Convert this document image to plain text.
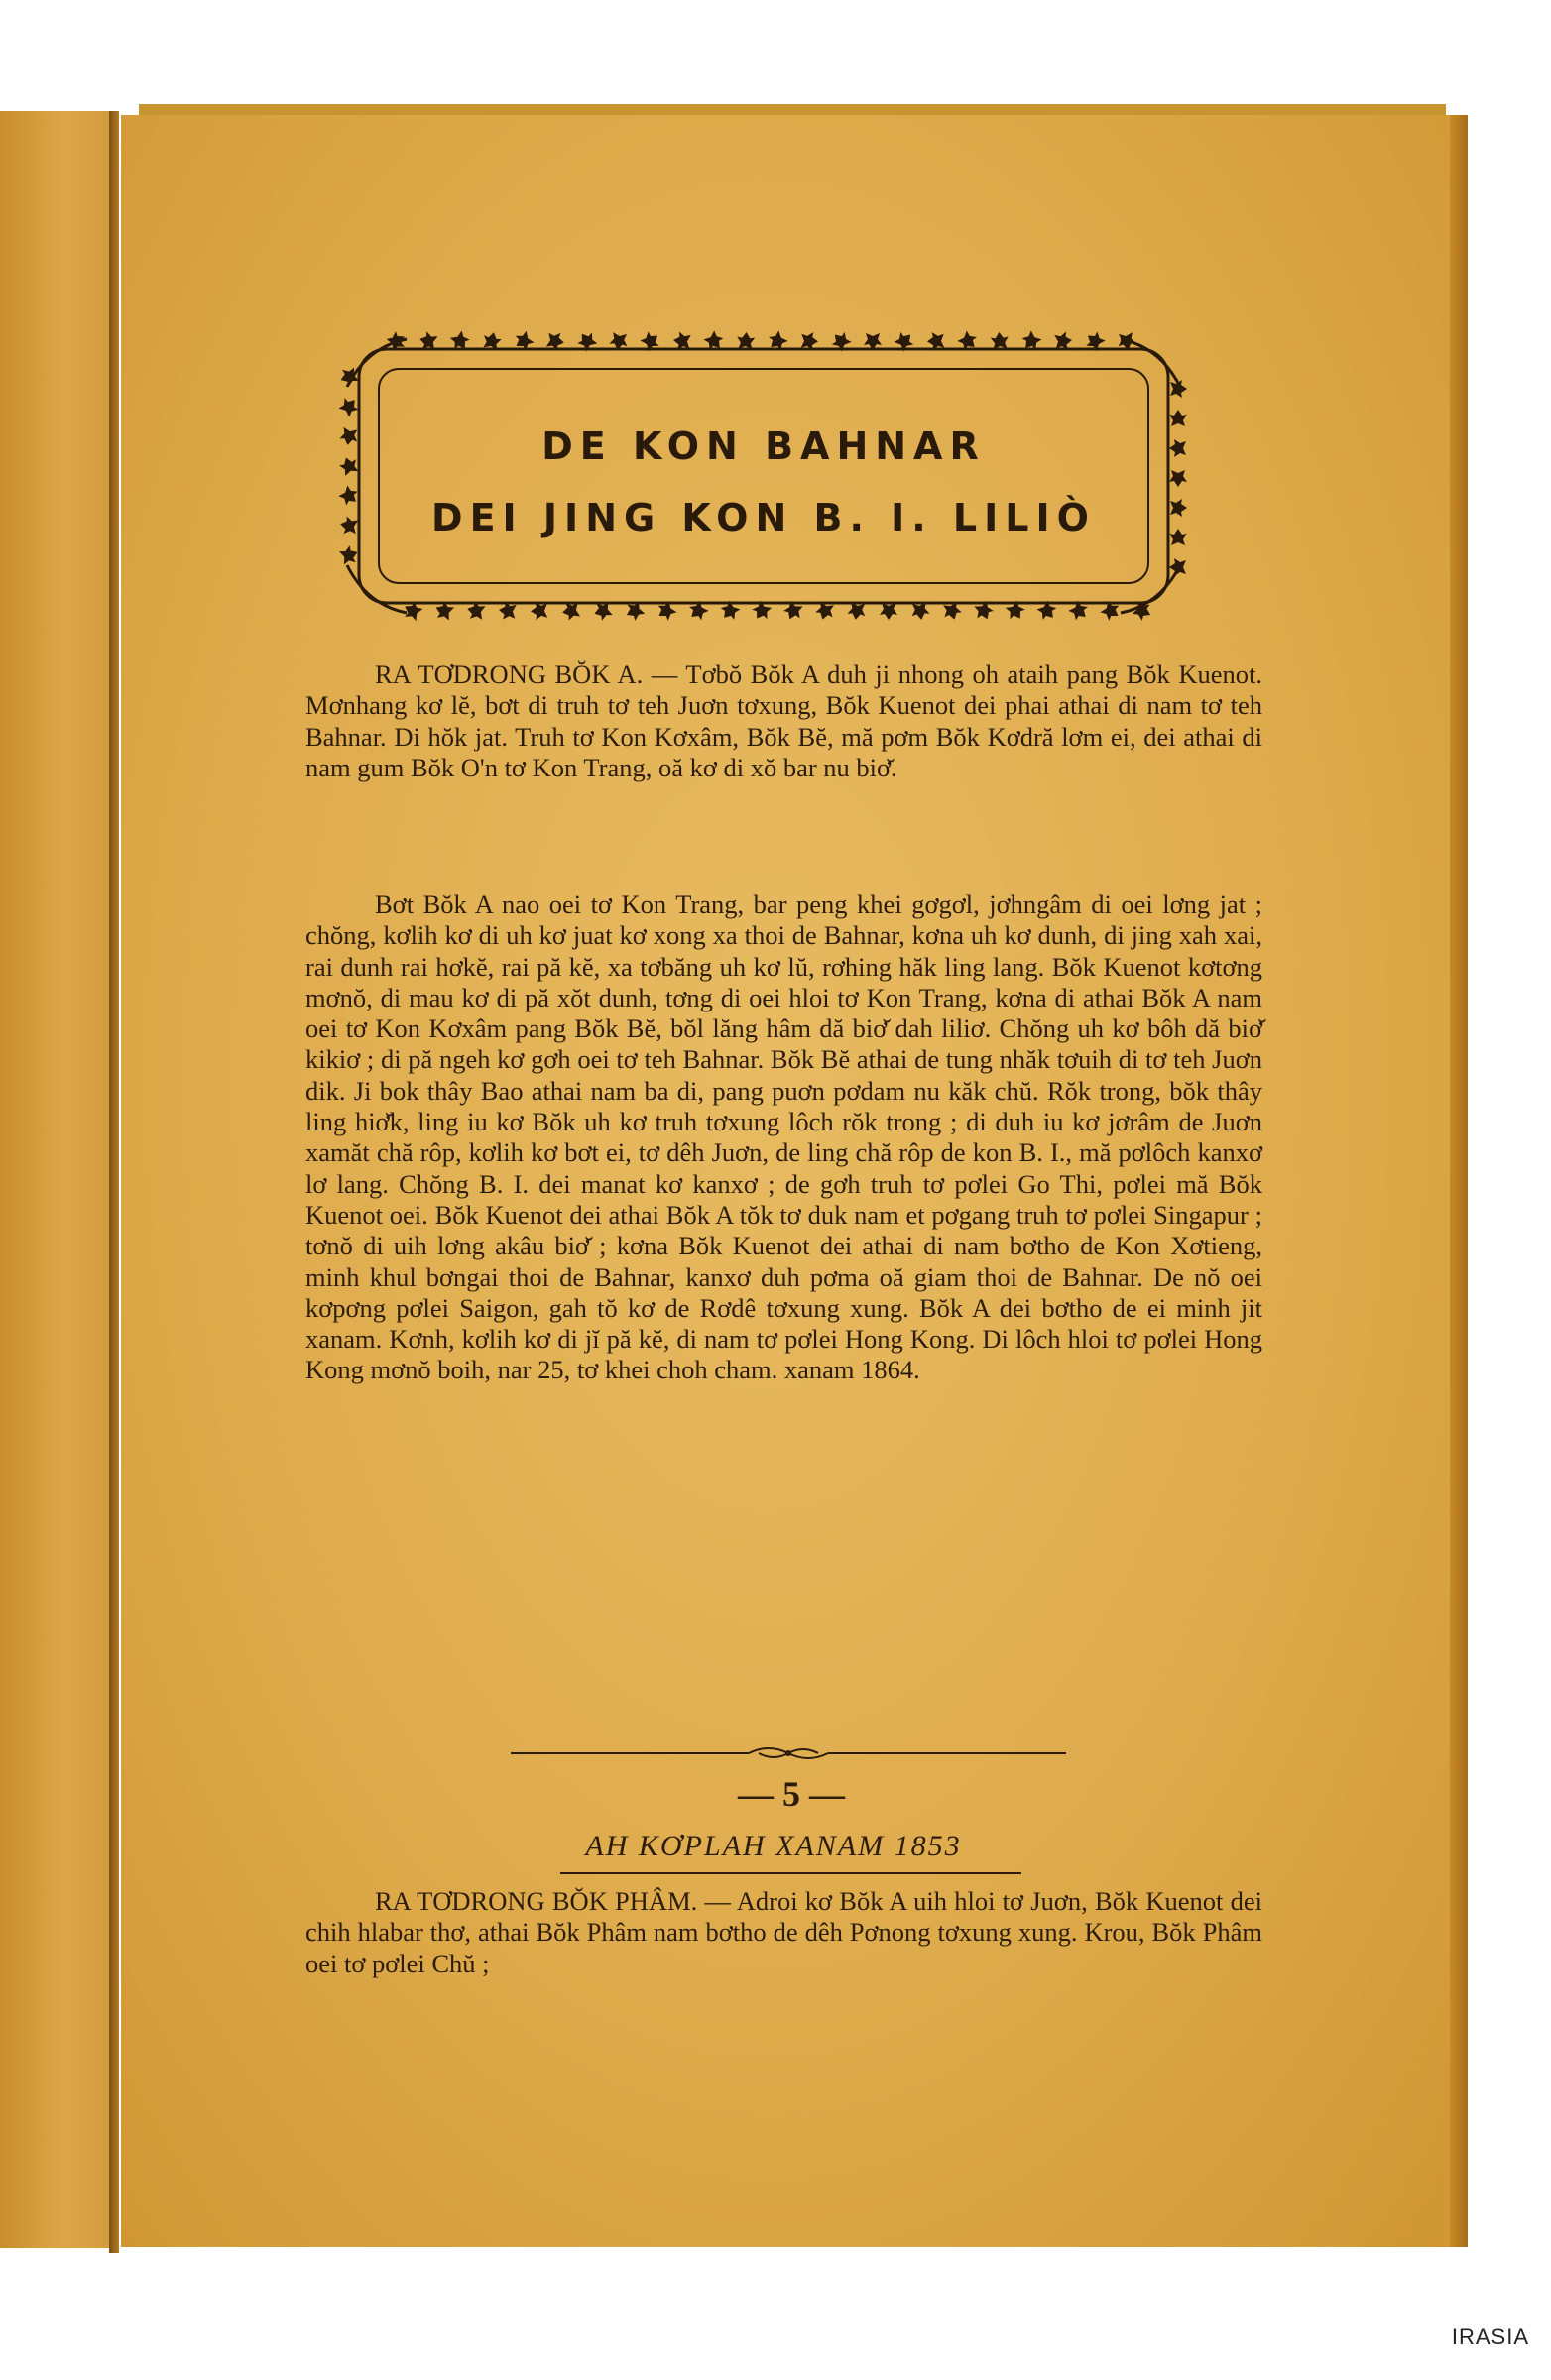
DE KON BAHNAR
DEI JING KON B. I. LILIÒ

RA TƠDRONG BŎK A. — Tơbŏ Bŏk A duh ji nhong oh ataih pang Bŏk Kuenot. Mơnhang kơ lĕ, bơt di truh tơ teh Juơn tơxung, Bŏk Kuenot dei phai athai di nam tơ teh Bahnar. Di hŏk jat. Truh tơ Kon Kơxâm, Bŏk Bĕ, mă pơm Bŏk Kơdră lơm ei, dei athai di nam gum Bŏk O'n tơ Kon Trang, oă kơ di xŏ bar nu biơ̆.

Bơt Bŏk A nao oei tơ Kon Trang, bar peng khei gơgơl, jơhngâm di oei lơng jat ; chŏng, kơlih kơ di uh kơ juat kơ xong xa thoi de Bahnar, kơna uh kơ dunh, di jing xah xai, rai dunh rai hơkĕ, rai pă kĕ, xa tơbăng uh kơ lŭ, rơhing hăk ling lang. Bŏk Kuenot kơtơng mơnŏ, di mau kơ di pă xŏt dunh, tơng di oei hloi tơ Kon Trang, kơna di athai Bŏk A nam oei tơ Kon Kơxâm pang Bŏk Bĕ, bŏl lăng hâm dă biơ̆ dah liliơ. Chŏng uh kơ bôh dă biơ̆ kikiơ ; di pă ngeh kơ gơh oei tơ teh Bahnar. Bŏk Bĕ athai de tung nhăk tơuih di tơ teh Juơn dik. Ji bok thây Bao athai nam ba di, pang puơn pơdam nu kăk chŭ. Rŏk trong, bŏk thây ling hiơ̆k, ling iu kơ Bŏk uh kơ truh tơxung lôch rŏk trong ; di duh iu kơ jơrâm de Juơn xamăt chă rôp, kơlih kơ bơt ei, tơ dêh Juơn, de ling chă rôp de kon B. I., mă pơlôch kanxơ lơ lang. Chŏng B. I. dei manat kơ kanxơ ; de gơh truh tơ pơlei Go Thi, pơlei mă Bŏk Kuenot oei. Bŏk Kuenot dei athai Bŏk A tŏk tơ duk nam et pơgang truh tơ pơlei Singapur ; tơnŏ di uih lơng akâu biơ̆ ; kơna Bŏk Kuenot dei athai di nam bơtho de Kon Xơtieng, minh khul bơngai thoi de Bahnar, kanxơ duh pơma oă giam thoi de Bahnar. De nŏ oei kơpơng pơlei Saigon, gah tŏ kơ de Rơdê tơxung xung. Bŏk A dei bơtho de ei minh jit xanam. Kơnh, kơlih kơ di jĭ pă kĕ, di nam tơ pơlei Hong Kong. Di lôch hloi tơ pơlei Hong Kong mơnŏ boih, nar 25, tơ khei choh cham. xanam 1864.

— 5 —
AH KƠPLAH XANAM 1853

RA TƠDRONG BŎK PHÂM. — Adroi kơ Bŏk A uih hloi tơ Juơn, Bŏk Kuenot dei chih hlabar thơ, athai Bŏk Phâm nam bơtho de dêh Pơnong tơxung xung. Krou, Bŏk Phâm oei tơ pơlei Chŭ ;

IRASIA
